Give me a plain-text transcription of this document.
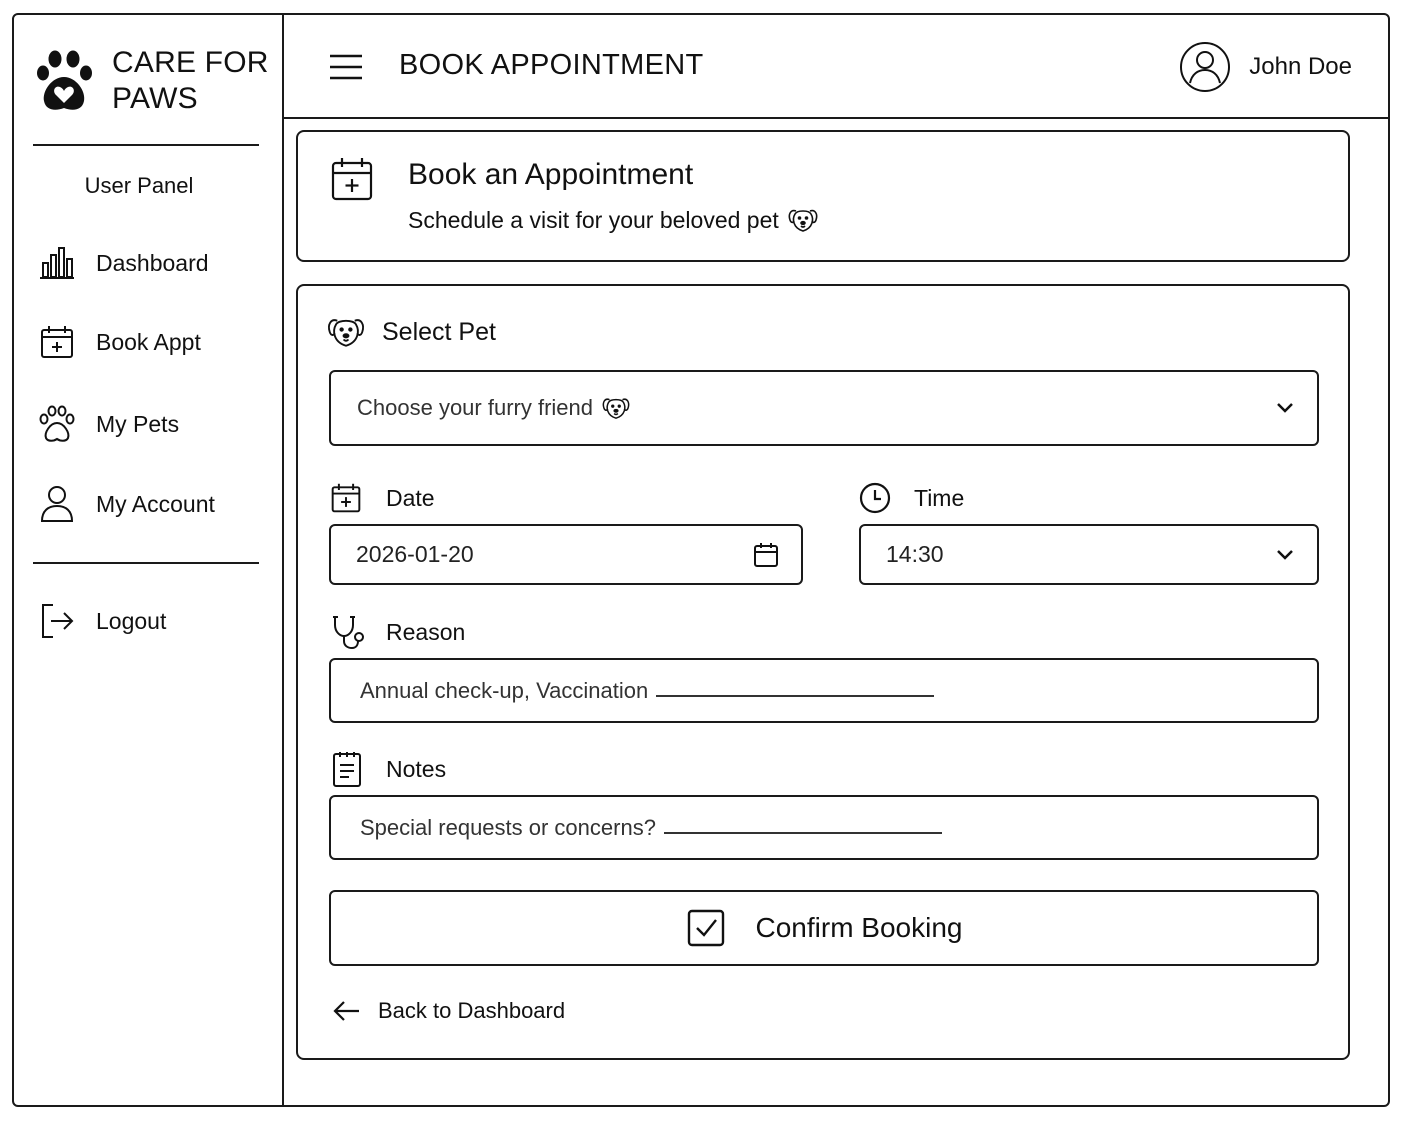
CARE FOR
PAWS
User Panel
Dashboard
Book Appt
My Pets
My Account
Logout
BOOK APPOINTMENT	John Doe
Book an Appointment
Schedule a visit for your beloved pet
Select Pet
Choose your furry friend
Date
2026-01-20
Time
14:30
Reason
Annual check-up, Vaccination
Notes
Special requests or concerns?
Confirm Booking
Back to Dashboard
